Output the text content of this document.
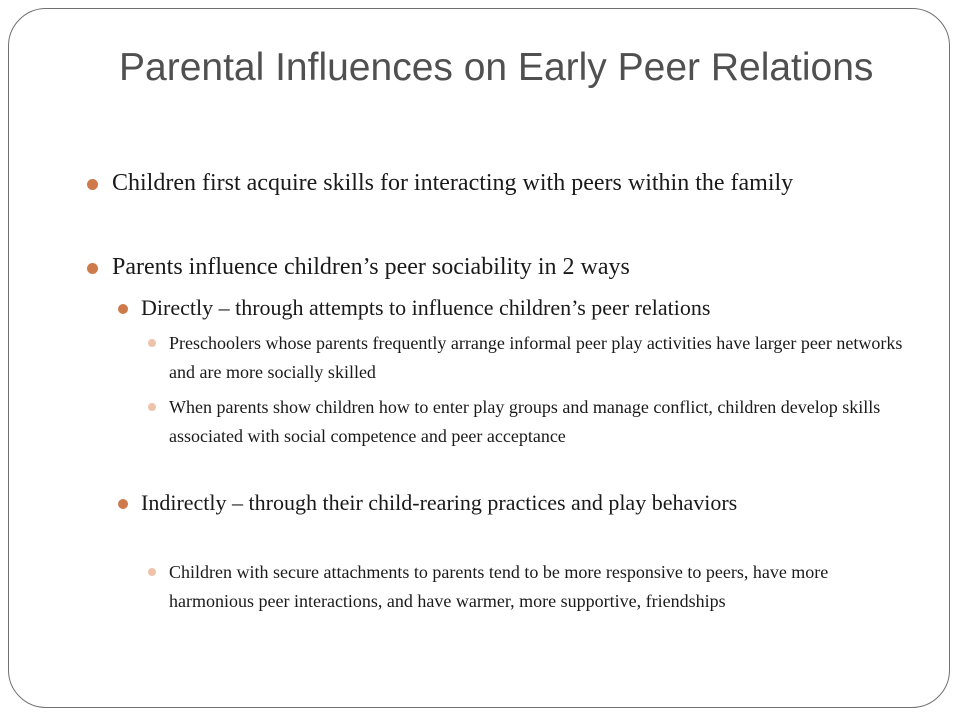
Parental Influences on Early Peer Relations
Children first acquire skills for interacting with peers within the family
Parents influence children’s peer sociability in 2 ways
Directly – through attempts to influence children’s peer relations
Preschoolers whose parents frequently arrange informal peer play activities have larger peer networks and are more socially skilled
When parents show children how to enter play groups and manage conflict, children develop skills associated with social competence and peer acceptance
Indirectly – through their child-rearing practices and play behaviors
Children with secure attachments to parents tend to be more responsive to peers, have more harmonious peer interactions, and have warmer, more supportive, friendships
